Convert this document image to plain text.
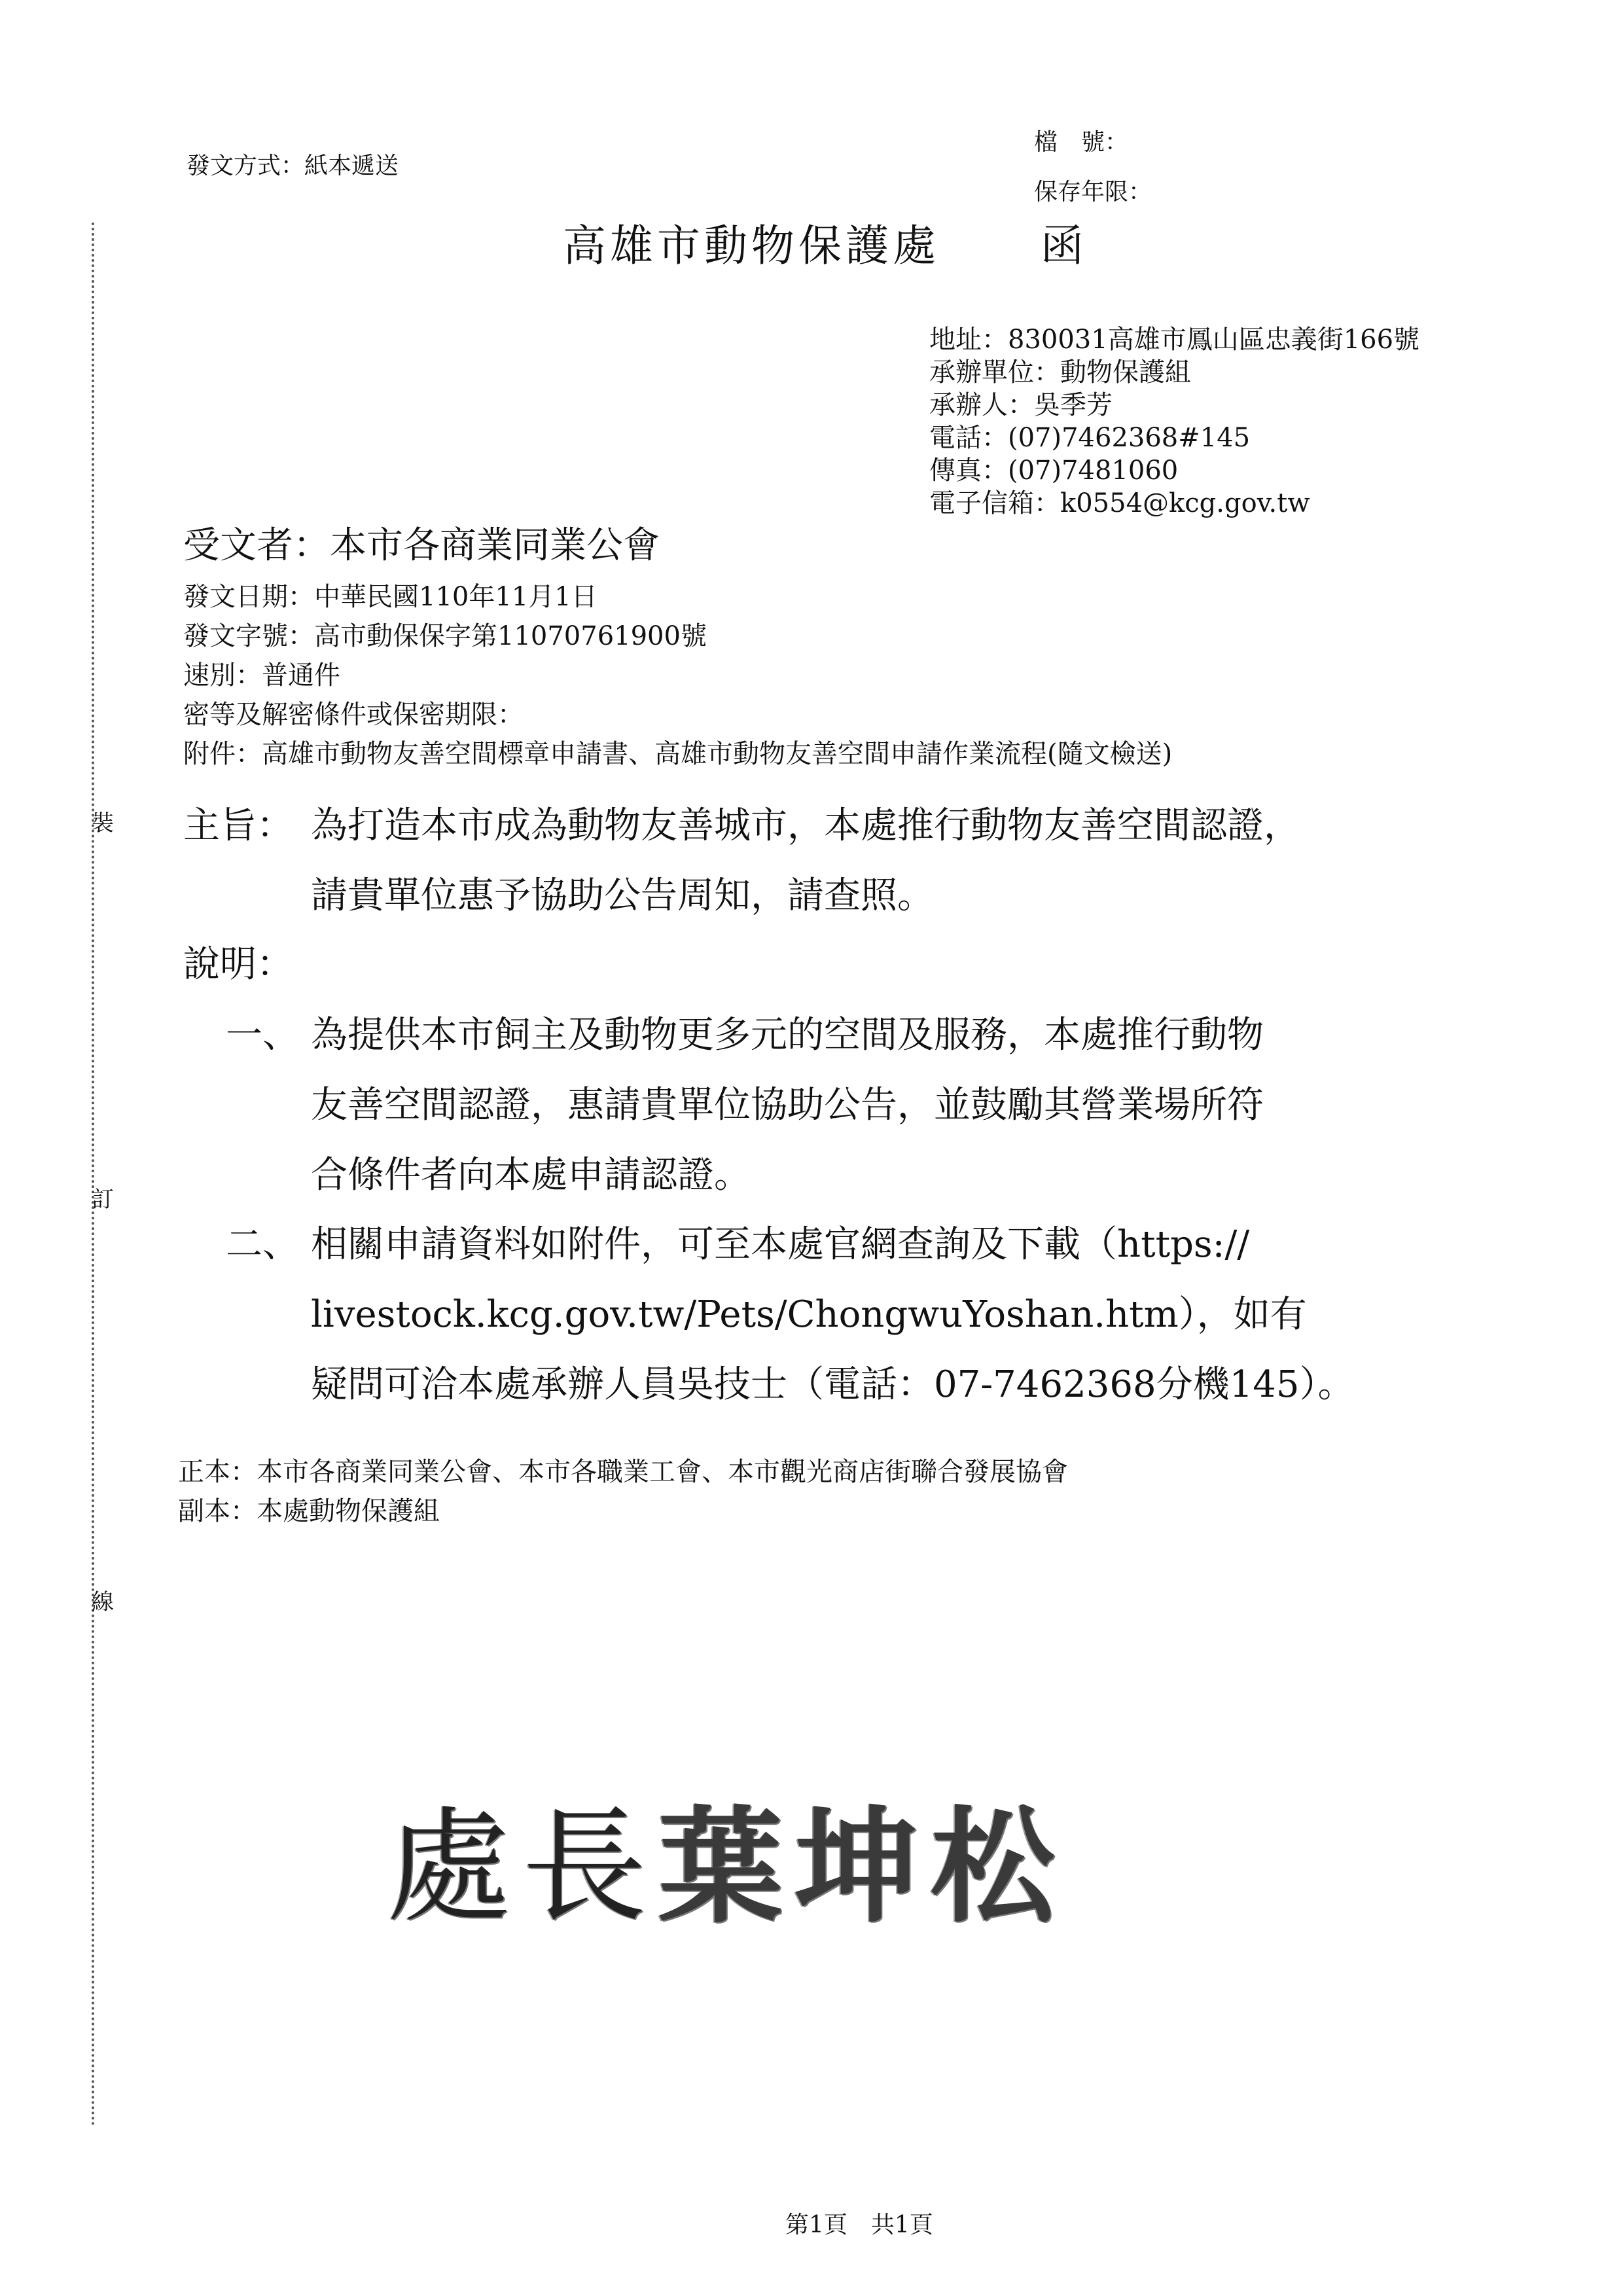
裝
訂
線
發文方式：紙本遞送
檔　號：
保存年限：
高雄市動物保護處 函
地址：830031高雄市鳳山區忠義街166號
承辦單位：動物保護組
承辦人：吳季芳
電話：(07)7462368#145
傳真：(07)7481060
電子信箱：k0554@kcg.gov.tw
受文者：本市各商業同業公會
發文日期：中華民國110年11月1日
發文字號：高市動保保字第11070761900號
速別：普通件
密等及解密條件或保密期限：
附件：高雄市動物友善空間標章申請書、高雄市動物友善空間申請作業流程(隨文檢送)
主旨： 為打造本市成為動物友善城市，本處推行動物友善空間認證，
請貴單位惠予協助公告周知，請查照。
說明：
一、 為提供本市飼主及動物更多元的空間及服務，本處推行動物
友善空間認證，惠請貴單位協助公告，並鼓勵其營業場所符
合條件者向本處申請認證。
二、 相關申請資料如附件，可至本處官網查詢及下載（https://
livestock.kcg.gov.tw/Pets/ChongwuYoshan.htm），如有
疑問可洽本處承辦人員吳技士（電話：07-7462368分機145）。
正本：本市各商業同業公會、本市各職業工會、本市觀光商店街聯合發展協會
副本：本處動物保護組
處長葉坤松
第1頁　共1頁
